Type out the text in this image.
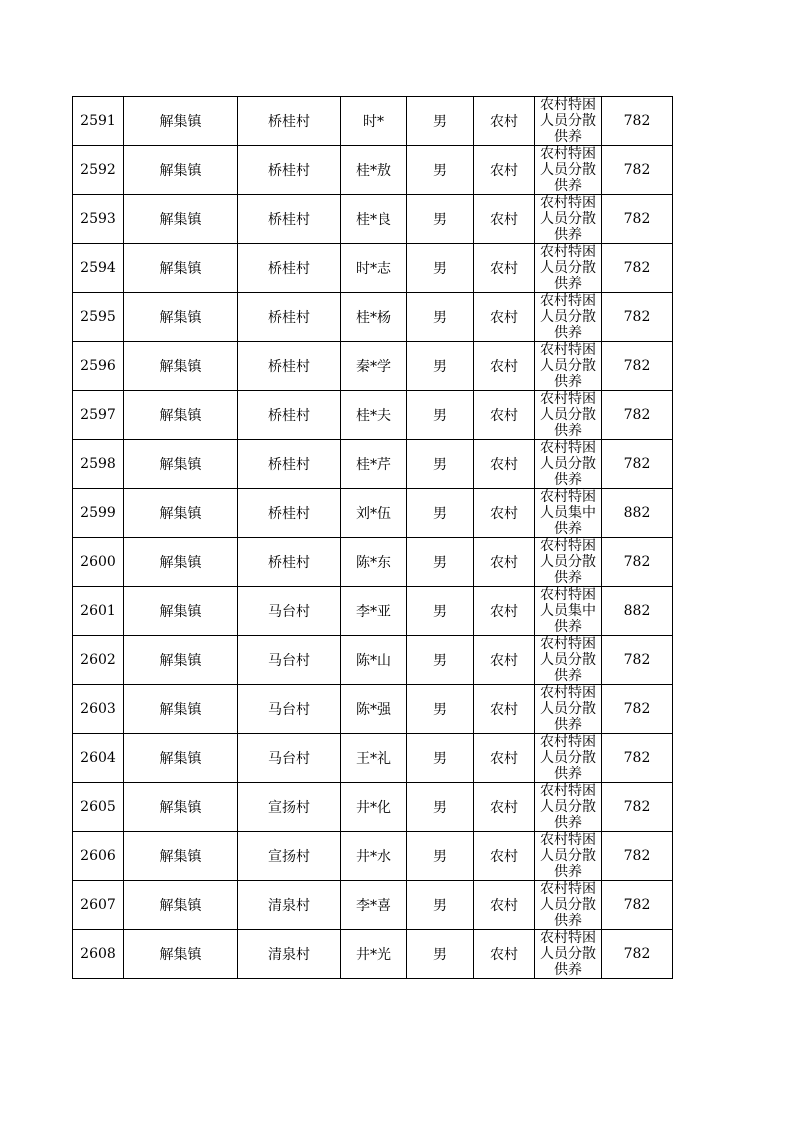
2591	解集镇	桥桂村	时*	男	农村	农村特困人员分散供养	782
2592	解集镇	桥桂村	桂*敖	男	农村	农村特困人员分散供养	782
2593	解集镇	桥桂村	桂*良	男	农村	农村特困人员分散供养	782
2594	解集镇	桥桂村	时*志	男	农村	农村特困人员分散供养	782
2595	解集镇	桥桂村	桂*杨	男	农村	农村特困人员分散供养	782
2596	解集镇	桥桂村	秦*学	男	农村	农村特困人员分散供养	782
2597	解集镇	桥桂村	桂*夫	男	农村	农村特困人员分散供养	782
2598	解集镇	桥桂村	桂*芹	男	农村	农村特困人员分散供养	782
2599	解集镇	桥桂村	刘*伍	男	农村	农村特困人员集中供养	882
2600	解集镇	桥桂村	陈*东	男	农村	农村特困人员分散供养	782
2601	解集镇	马台村	李*亚	男	农村	农村特困人员集中供养	882
2602	解集镇	马台村	陈*山	男	农村	农村特困人员分散供养	782
2603	解集镇	马台村	陈*强	男	农村	农村特困人员分散供养	782
2604	解集镇	马台村	王*礼	男	农村	农村特困人员分散供养	782
2605	解集镇	宣扬村	井*化	男	农村	农村特困人员分散供养	782
2606	解集镇	宣扬村	井*水	男	农村	农村特困人员分散供养	782
2607	解集镇	清泉村	李*喜	男	农村	农村特困人员分散供养	782
2608	解集镇	清泉村	井*光	男	农村	农村特困人员分散供养	782
